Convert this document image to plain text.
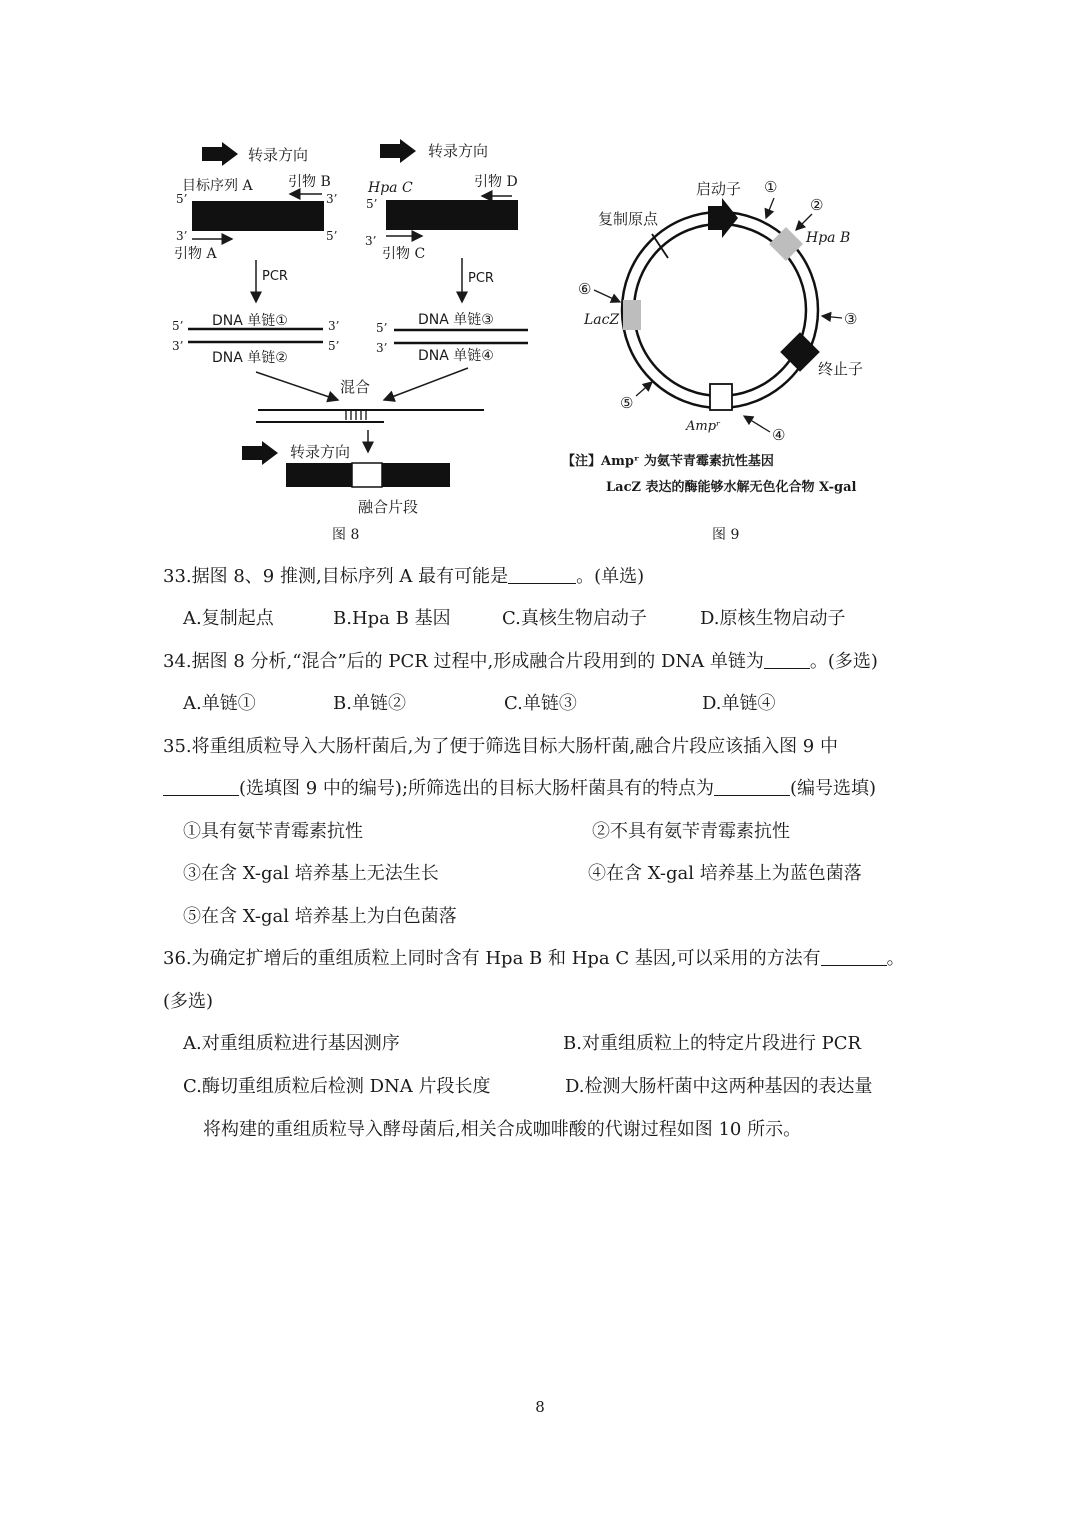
转录方向
目标序列 A	引物 B
5’	3’
3’	5’
引物 A
PCR
DNA 单链①
5’	3’
3’	5’
DNA 单链②
转录方向
Hpa C	引物 D
5’
3’
引物 C
PCR
DNA 单链③
5’
3’ DNA 单链④
混合
转录方向
融合片段
图 8
复制原点
启动子 ①
②
Hpa B
③
终止子
Ampʳ	④
⑤
LacZ
⑥
【注】Ampʳ 为氨苄青霉素抗性基因
LacZ 表达的酶能够水解无色化合物 X-gal
图 9
33.据图 8、9 推测,目标序列 A 最有可能是	。(单选)
A.复制起点	B.Hpa B 基因	C.真核生物启动子	D.原核生物启动子
34.据图 8 分析,“混合”后的 PCR 过程中,形成融合片段用到的 DNA 单链为	。(多选)
A.单链①	B.单链②	C.单链③	D.单链④
35.将重组质粒导入大肠杆菌后,为了便于筛选目标大肠杆菌,融合片段应该插入图 9 中
(选填图 9 中的编号);所筛选出的目标大肠杆菌具有的特点为	(编号选填)
①具有氨苄青霉素抗性	②不具有氨苄青霉素抗性
③在含 X-gal 培养基上无法生长	④在含 X-gal 培养基上为蓝色菌落
⑤在含 X-gal 培养基上为白色菌落
36.为确定扩增后的重组质粒上同时含有 Hpa B 和 Hpa C 基因,可以采用的方法有	。
(多选)
A.对重组质粒进行基因测序	B.对重组质粒上的特定片段进行 PCR
C.酶切重组质粒后检测 DNA 片段长度	D.检测大肠杆菌中这两种基因的表达量
将构建的重组质粒导入酵母菌后,相关合成咖啡酸的代谢过程如图 10 所示。
8
